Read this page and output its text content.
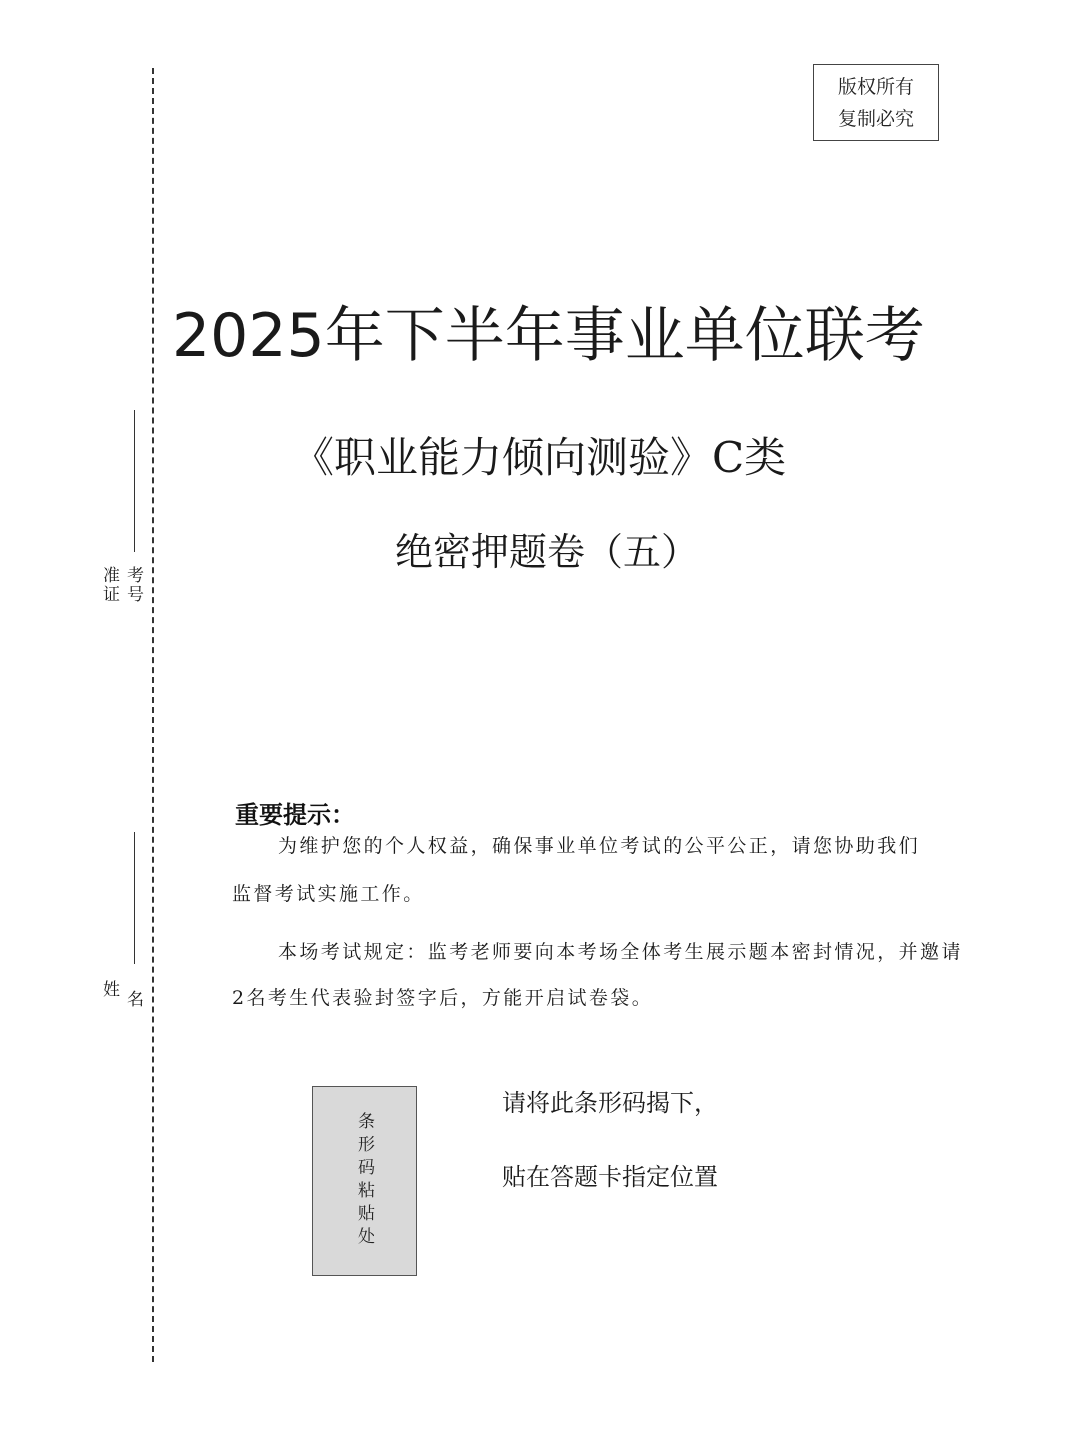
准证 考号
姓
名
版权所有
复制必究
2025年下半年事业单位联考
《职业能力倾向测验》C类
绝密押题卷（五）
重要提示：
为维护您的个人权益，确保事业单位考试的公平公正，请您协助我们
监督考试实施工作。
本场考试规定：监考老师要向本考场全体考生展示题本密封情况，并邀请
2名考生代表验封签字后，方能开启试卷袋。
条形码粘贴处
请将此条形码揭下，
贴在答题卡指定位置
